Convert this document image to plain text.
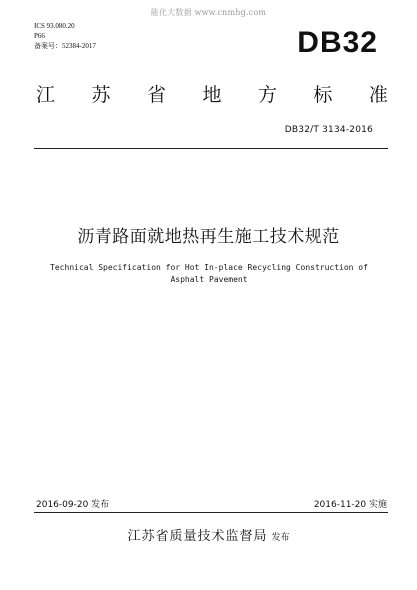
能化大数据 www.cnmhg.com
ICS 93.080.20
P66
备案号：52384-2017	DB32
江 苏 省 地 方 标 准
DB32/T 3134-2016
沥青路面就地热再生施工技术规范
Technical Specification for Hot In-place Recycling Construction of
Asphalt Pavement
2016-09-20 发布	2016-11-20 实施
江苏省质量技术监督局 发布
